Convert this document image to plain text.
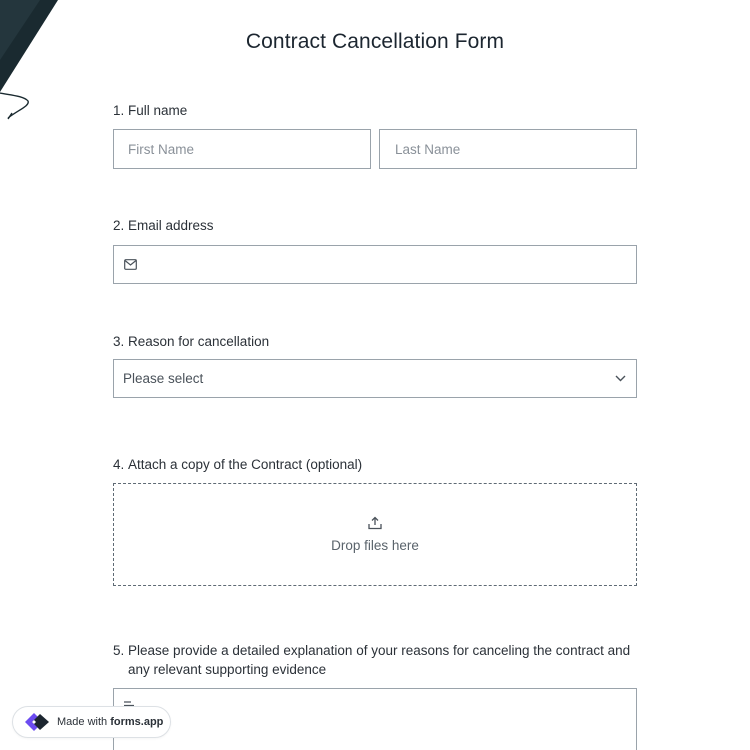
Contract Cancellation Form
1. Full name
First Name	Last Name
2. Email address
3. Reason for cancellation
Please select
4. Attach a copy of the Contract (optional)
Drop files here
5. Please provide a detailed explanation of your reasons for canceling the contract and any relevant supporting evidence
Made with forms.app
